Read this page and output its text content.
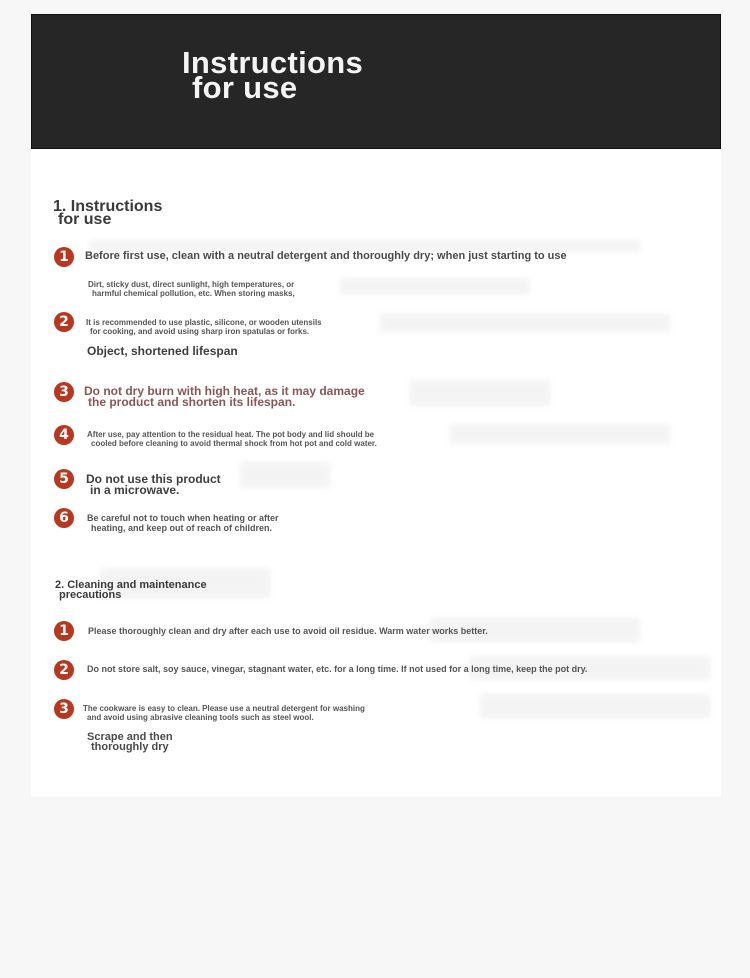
Instructions
for use
1. Instructions
for use
1	Before first use, clean with a neutral detergent and thoroughly dry; when just starting to use
Dirt, sticky dust, direct sunlight, high temperatures, or
harmful chemical pollution, etc. When storing masks,
2	It is recommended to use plastic, silicone, or wooden utensils
for cooking, and avoid using sharp iron spatulas or forks.
Object, shortened lifespan
3	Do not dry burn with high heat, as it may damage
the product and shorten its lifespan.
4	After use, pay attention to the residual heat. The pot body and lid should be
cooled before cleaning to avoid thermal shock from hot pot and cold water.
5	Do not use this product
in a microwave.
6	Be careful not to touch when heating or after
heating, and keep out of reach of children.
2. Cleaning and maintenance
precautions
1	Please thoroughly clean and dry after each use to avoid oil residue. Warm water works better.
2	Do not store salt, soy sauce, vinegar, stagnant water, etc. for a long time. If not used for a long time, keep the pot dry.
3	The cookware is easy to clean. Please use a neutral detergent for washing
and avoid using abrasive cleaning tools such as steel wool.
Scrape and then
thoroughly dry
